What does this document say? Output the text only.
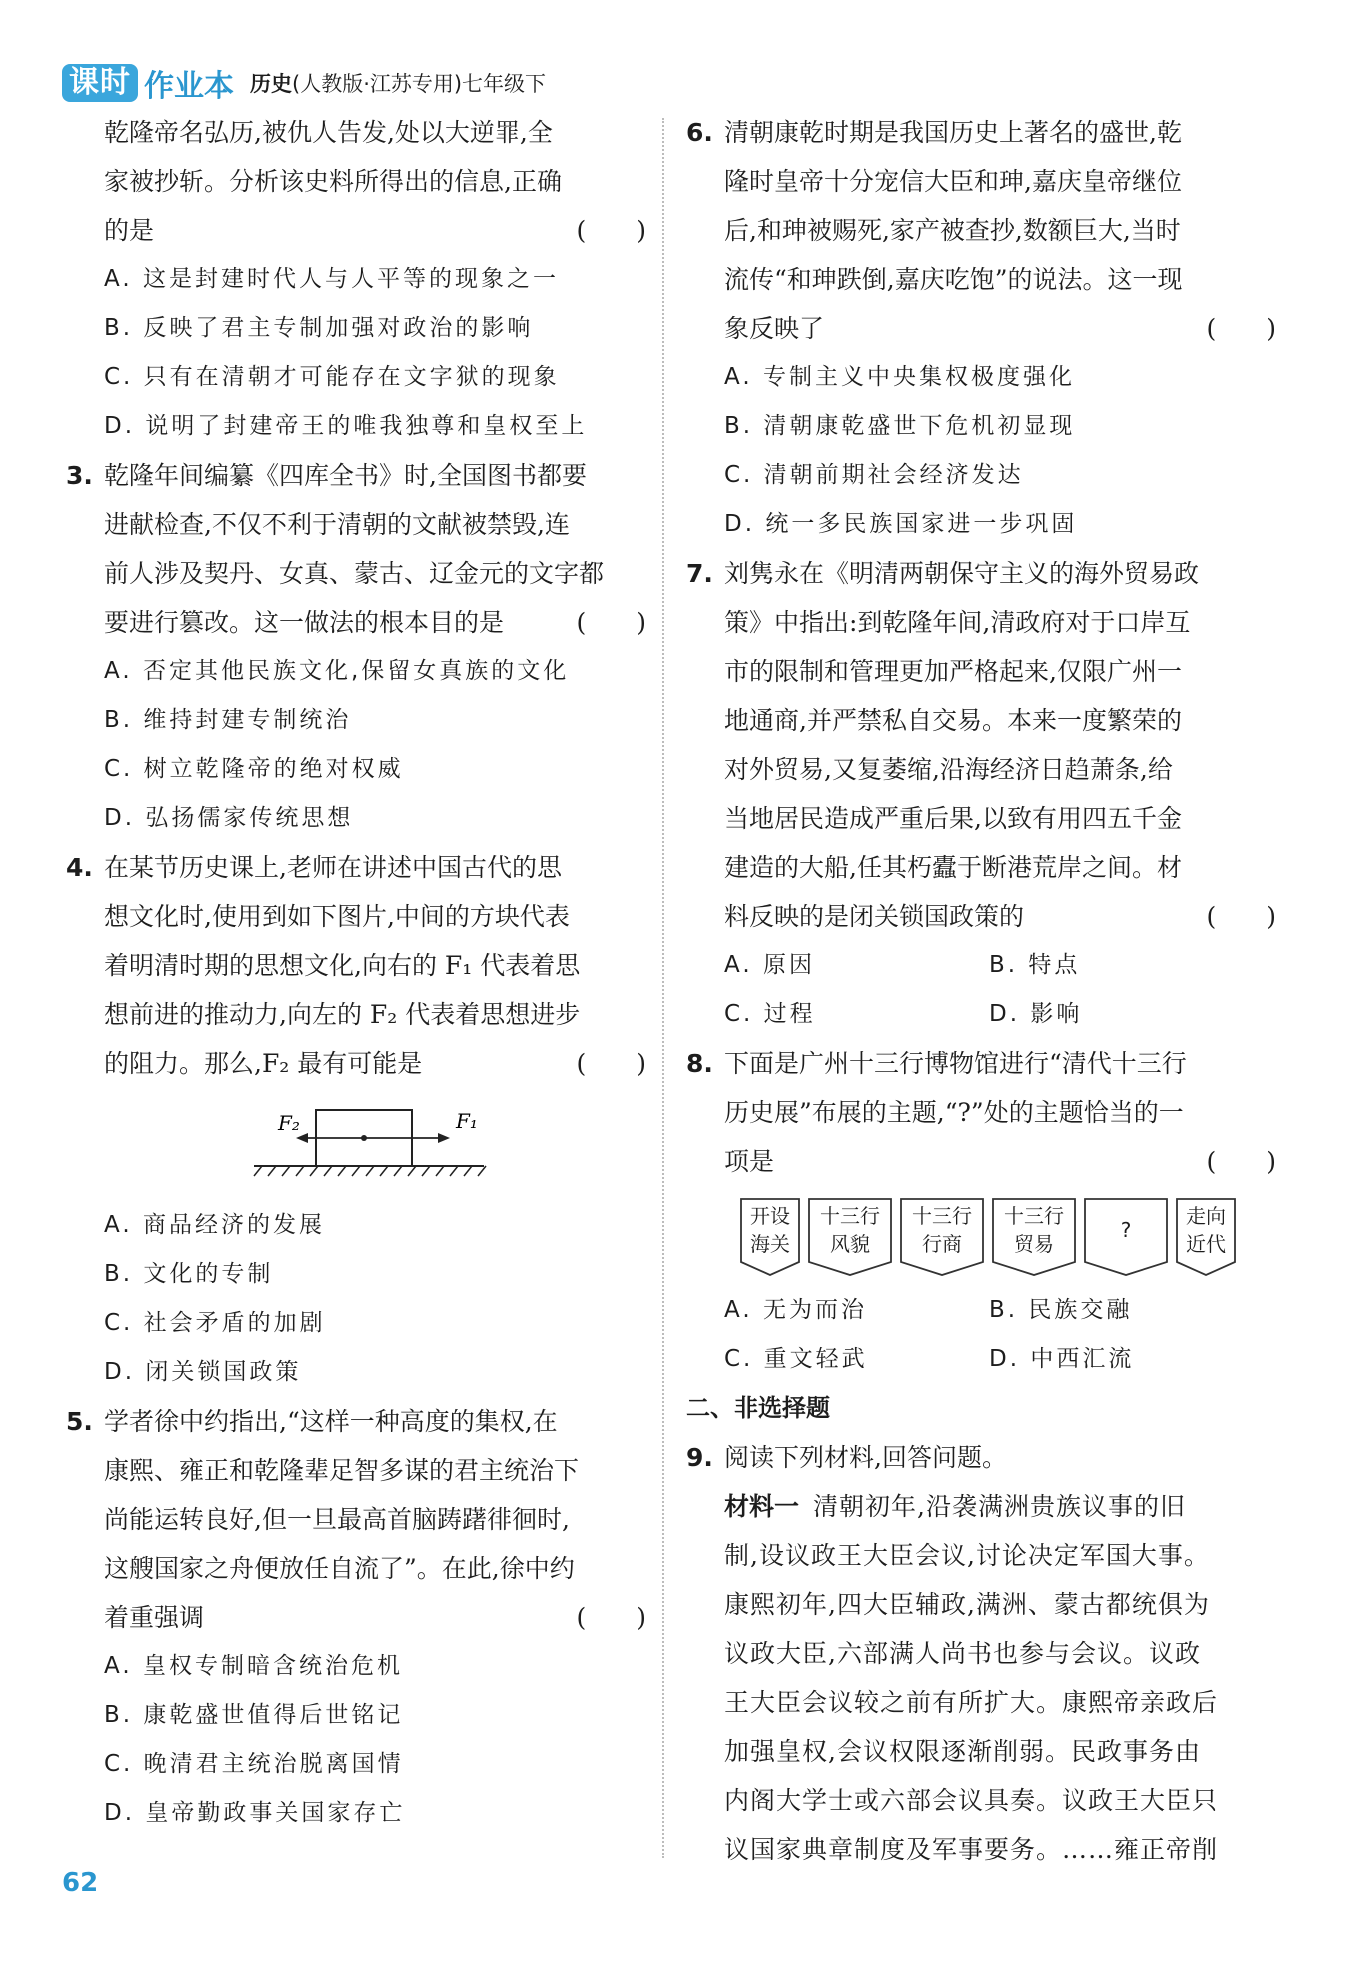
课时 作业本 历史(人教版·江苏专用)七年级下
乾隆帝名弘历,被仇人告发,处以大逆罪,全
家被抄斩。分析该史料所得出的信息,正确
的是	(　　)
A. 这是封建时代人与人平等的现象之一
B. 反映了君主专制加强对政治的影响
C. 只有在清朝才可能存在文字狱的现象
D. 说明了封建帝王的唯我独尊和皇权至上
3. 乾隆年间编纂《四库全书》时,全国图书都要
进献检查,不仅不利于清朝的文献被禁毁,连
前人涉及契丹、女真、蒙古、辽金元的文字都
要进行篡改。这一做法的根本目的是	(　　)
A. 否定其他民族文化,保留女真族的文化
B. 维持封建专制统治
C. 树立乾隆帝的绝对权威
D. 弘扬儒家传统思想
4. 在某节历史课上,老师在讲述中国古代的思
想文化时,使用到如下图片,中间的方块代表
着明清时期的思想文化,向右的 F₁ 代表着思
想前进的推动力,向左的 F₂ 代表着思想进步
的阻力。那么,F₂ 最有可能是	(　　)
F₂	F₁
A. 商品经济的发展
B. 文化的专制
C. 社会矛盾的加剧
D. 闭关锁国政策
5. 学者徐中约指出,“这样一种高度的集权,在
康熙、雍正和乾隆辈足智多谋的君主统治下
尚能运转良好,但一旦最高首脑踌躇徘徊时,
这艘国家之舟便放任自流了”。在此,徐中约
着重强调	(　　)
A. 皇权专制暗含统治危机
B. 康乾盛世值得后世铭记
C. 晚清君主统治脱离国情
D. 皇帝勤政事关国家存亡
6. 清朝康乾时期是我国历史上著名的盛世,乾
隆时皇帝十分宠信大臣和珅,嘉庆皇帝继位
后,和珅被赐死,家产被查抄,数额巨大,当时
流传“和珅跌倒,嘉庆吃饱”的说法。这一现
象反映了	(　　)
A. 专制主义中央集权极度强化
B. 清朝康乾盛世下危机初显现
C. 清朝前期社会经济发达
D. 统一多民族国家进一步巩固
7. 刘隽永在《明清两朝保守主义的海外贸易政
策》中指出:到乾隆年间,清政府对于口岸互
市的限制和管理更加严格起来,仅限广州一
地通商,并严禁私自交易。本来一度繁荣的
对外贸易,又复萎缩,沿海经济日趋萧条,给
当地居民造成严重后果,以致有用四五千金
建造的大船,任其朽蠹于断港荒岸之间。材
料反映的是闭关锁国政策的	(　　)
A. 原因	B. 特点
C. 过程	D. 影响
8. 下面是广州十三行博物馆进行“清代十三行
历史展”布展的主题,“?”处的主题恰当的一
项是	(　　)
开设
海关
十三行
风貌
十三行
行商
十三行
贸易
?
走向
近代
A. 无为而治	B. 民族交融
C. 重文轻武	D. 中西汇流
二、非选择题
9. 阅读下列材料,回答问题。
材料一 清朝初年,沿袭满洲贵族议事的旧
制,设议政王大臣会议,讨论决定军国大事。
康熙初年,四大臣辅政,满洲、蒙古都统俱为
议政大臣,六部满人尚书也参与会议。议政
王大臣会议较之前有所扩大。康熙帝亲政后
加强皇权,会议权限逐渐削弱。民政事务由
内阁大学士或六部会议具奏。议政王大臣只
议国家典章制度及军事要务。……雍正帝削
62
